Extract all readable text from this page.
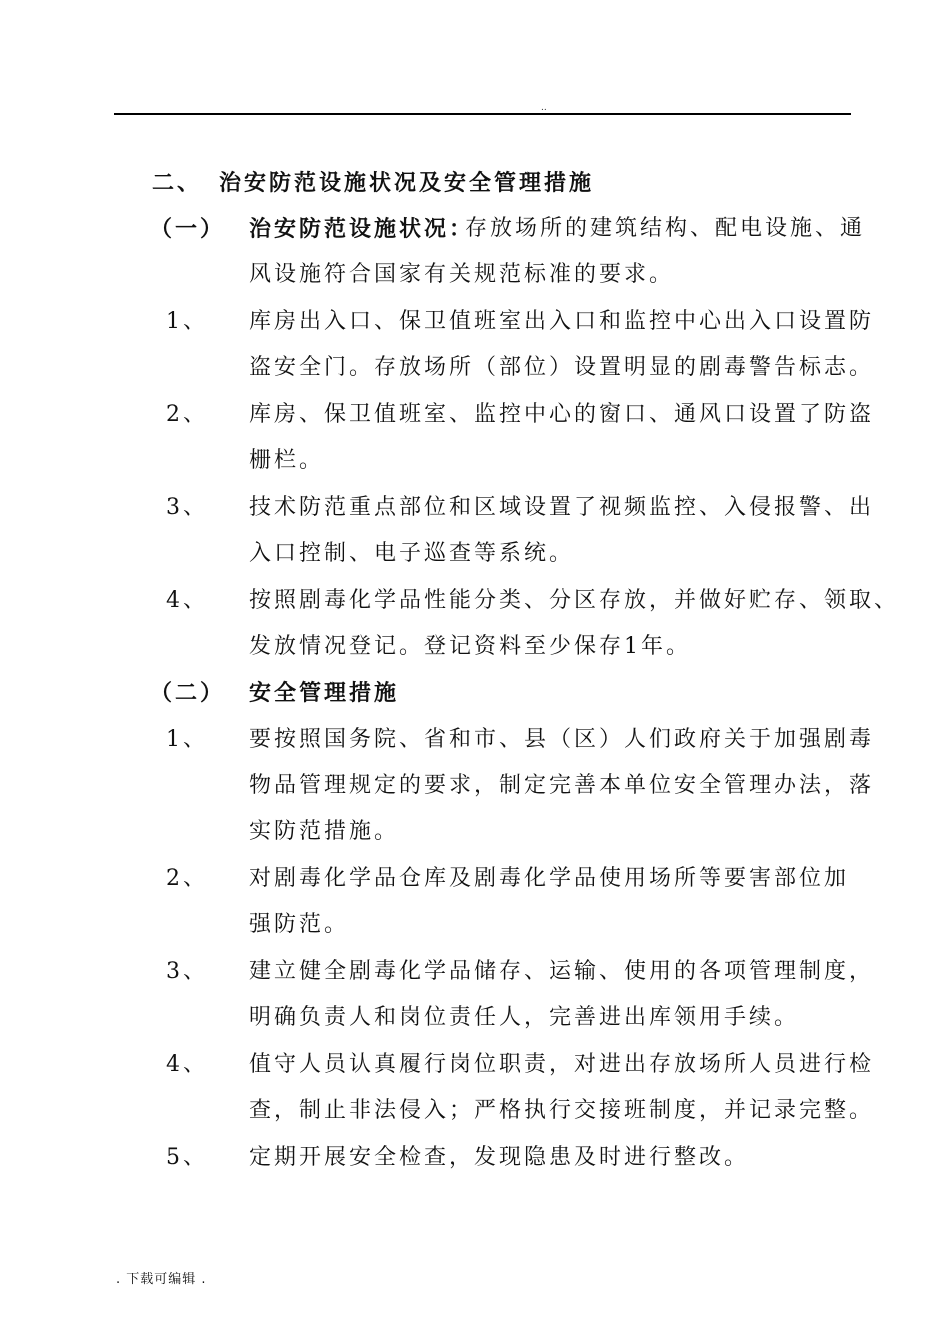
..
二、 治安防范设施状况及安全管理措施
（一） 治安防范设施状况：
存放场所的建筑结构、配电设施、通
风设施符合国家有关规范标准的要求。
1、 库房出入口、保卫值班室出入口和监控中心出入口设置防
盗安全门。存放场所（部位）设置明显的剧毒警告标志。
2、 库房、保卫值班室、监控中心的窗口、通风口设置了防盗
栅栏。
3、 技术防范重点部位和区域设置了视频监控、入侵报警、出
入口控制、电子巡查等系统。
4、 按照剧毒化学品性能分类、分区存放，并做好贮存、领取、
发放情况登记。登记资料至少保存1年。
（二） 安全管理措施
1、 要按照国务院、省和市、县（区）人们政府关于加强剧毒
物品管理规定的要求，制定完善本单位安全管理办法，落
实防范措施。
2、 对剧毒化学品仓库及剧毒化学品使用场所等要害部位加
强防范。
3、 建立健全剧毒化学品储存、运输、使用的各项管理制度，
明确负责人和岗位责任人，完善进出库领用手续。
4、 值守人员认真履行岗位职责，对进出存放场所人员进行检
查，制止非法侵入；严格执行交接班制度，并记录完整。
5、 定期开展安全检查，发现隐患及时进行整改。
. 下载可编辑 .
